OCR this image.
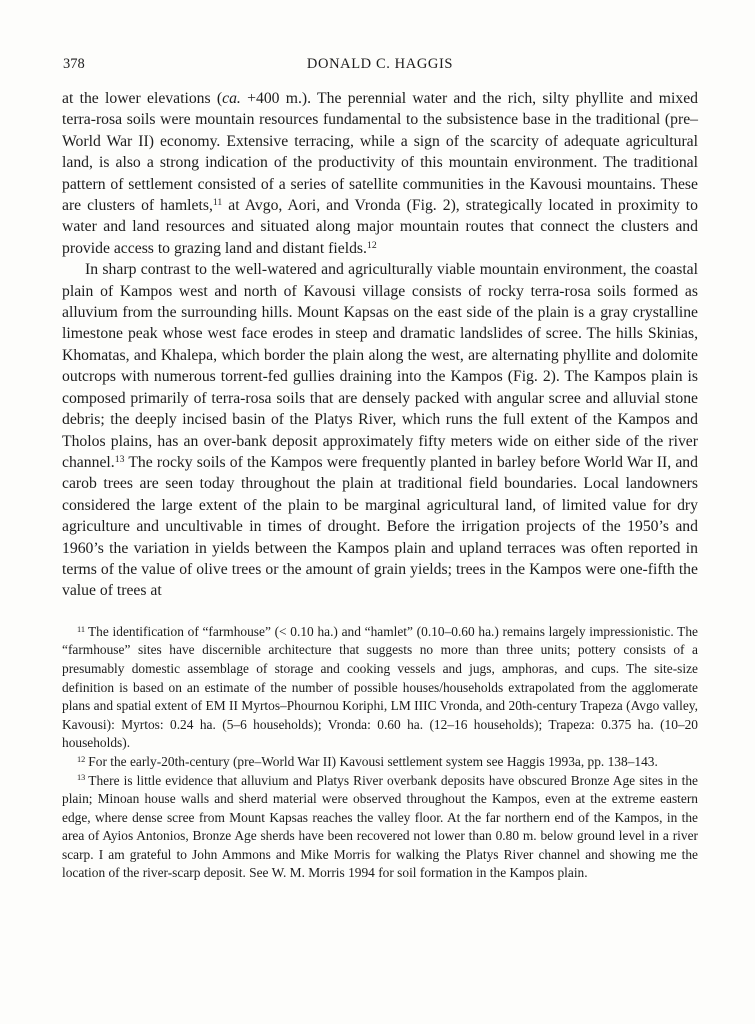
378	DONALD C. HAGGIS

at the lower elevations (ca. +400 m.). The perennial water and the rich, silty phyllite and mixed terra-rosa soils were mountain resources fundamental to the subsistence base in the traditional (pre–World War II) economy. Extensive terracing, while a sign of the scarcity of adequate agricultural land, is also a strong indication of the productivity of this mountain environment. The traditional pattern of settlement consisted of a series of satellite communities in the Kavousi mountains. These are clusters of hamlets,$^{11}$ at Avgo, Aori, and Vronda (Fig. 2), strategically located in proximity to water and land resources and situated along major mountain routes that connect the clusters and provide access to grazing land and distant fields.$^{12}$

In sharp contrast to the well-watered and agriculturally viable mountain environment, the coastal plain of Kampos west and north of Kavousi village consists of rocky terra-rosa soils formed as alluvium from the surrounding hills. Mount Kapsas on the east side of the plain is a gray crystalline limestone peak whose west face erodes in steep and dramatic landslides of scree. The hills Skinias, Khomatas, and Khalepa, which border the plain along the west, are alternating phyllite and dolomite outcrops with numerous torrent-fed gullies draining into the Kampos (Fig. 2). The Kampos plain is composed primarily of terra-rosa soils that are densely packed with angular scree and alluvial stone debris; the deeply incised basin of the Platys River, which runs the full extent of the Kampos and Tholos plains, has an over-bank deposit approximately fifty meters wide on either side of the river channel.$^{13}$ The rocky soils of the Kampos were frequently planted in barley before World War II, and carob trees are seen today throughout the plain at traditional field boundaries. Local landowners considered the large extent of the plain to be marginal agricultural land, of limited value for dry agriculture and uncultivable in times of drought. Before the irrigation projects of the 1950’s and 1960’s the variation in yields between the Kampos plain and upland terraces was often reported in terms of the value of olive trees or the amount of grain yields; trees in the Kampos were one-fifth the value of trees at

$^{11}$ The identification of “farmhouse” (< 0.10 ha.) and “hamlet” (0.10–0.60 ha.) remains largely impressionistic. The “farmhouse” sites have discernible architecture that suggests no more than three units; pottery consists of a presumably domestic assemblage of storage and cooking vessels and jugs, amphoras, and cups. The site-size definition is based on an estimate of the number of possible houses/households extrapolated from the agglomerate plans and spatial extent of EM II Myrtos–Phournou Koriphi, LM IIIC Vronda, and 20th-century Trapeza (Avgo valley, Kavousi): Myrtos: 0.24 ha. (5–6 households); Vronda: 0.60 ha. (12–16 households); Trapeza: 0.375 ha. (10–20 households).

$^{12}$ For the early-20th-century (pre–World War II) Kavousi settlement system see Haggis 1993a, pp. 138–143.

$^{13}$ There is little evidence that alluvium and Platys River overbank deposits have obscured Bronze Age sites in the plain; Minoan house walls and sherd material were observed throughout the Kampos, even at the extreme eastern edge, where dense scree from Mount Kapsas reaches the valley floor. At the far northern end of the Kampos, in the area of Ayios Antonios, Bronze Age sherds have been recovered not lower than 0.80 m. below ground level in a river scarp. I am grateful to John Ammons and Mike Morris for walking the Platys River channel and showing me the location of the river-scarp deposit. See W. M. Morris 1994 for soil formation in the Kampos plain.
